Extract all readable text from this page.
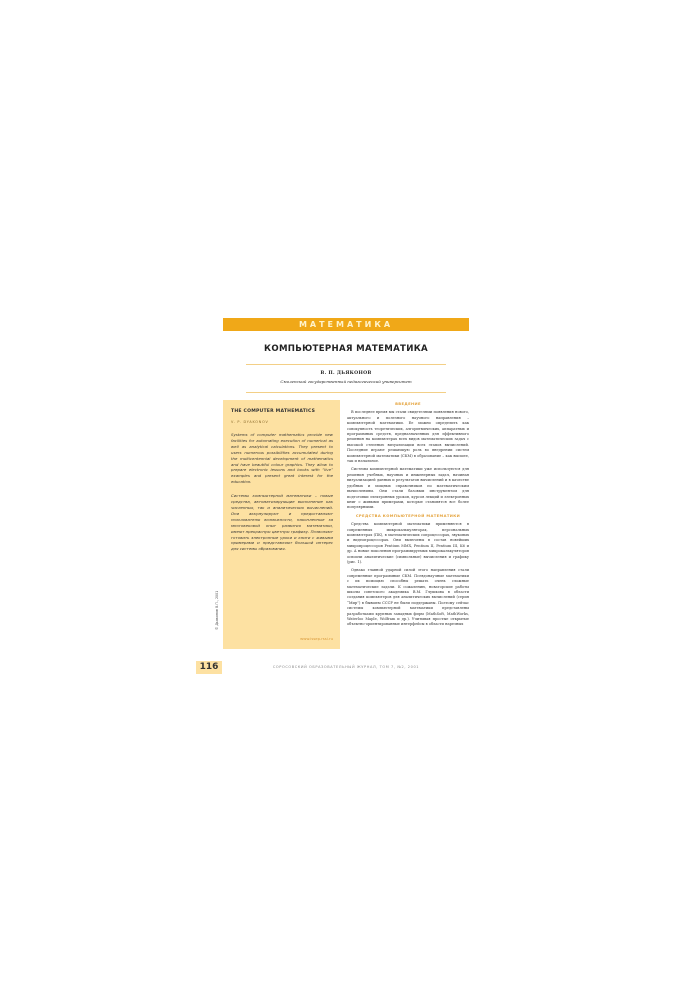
МАТЕМАТИКА
КОМПЬЮТЕРНАЯ МАТЕМАТИКА
В. П. ДЬЯКОНОВ
Смоленский государственный педагогический университет
THE COMPUTER MATHEMATICS
V. P. DYAKONOV

Systems of computer mathematics provide new facilities for automating execution of numerical as well as analytical calculations. They present to users numerous possibilities accumulated during the multicentennial development of mathematics and have beautiful colour graphics. They allow to prepare electronic lessons and books with “live” examples and present great interest for the education.

Системы компьютерной математики – новые средства, автоматизирующие выполнение как численных, так и аналитических вычислений. Они аккумулируют и предоставляют пользователю возможности, накопленные за многовековой опыт развития математики, имеют прекрасную цветную графику. Позволяют готовить электронные уроки и книги с живыми примерами и представляют большой интерес для системы образования.

www.issep.rssi.ru
© Дьяконов В.П., 2001
ВВЕДЕНИЕ

В последнее время мы стали свидетелями появления нового, актуального и полезного научного направления – компьютерной математики. Ее можно определить как совокупность теоретических, алгоритмических, аппаратных и программных средств, предназначенных для эффективного решения на компьютерах всех видов математических задач с высокой степенью визуализации всех этапов вычислений. Последние играют решающую роль во внедрении систем компьютерной математики (СКМ) в образование – как высшее, так и начальное.

Системы компьютерной математики уже используются для решения учебных, научных и инженерных задач, начиная визуализацией данных и результатов вычислений и в качестве удобных и мощных справочников по математическим вычислениям. Они стали базовым инструментом для подготовки электронных уроков, курсов лекций и электронных книг с живыми примерами, которые становятся все более популярными.

СРЕДСТВА КОМПЬЮТЕРНОЙ МАТЕМАТИКИ

Средства компьютерной математики применяются в современных микрокалькуляторах, персональных компьютерах (ПК), в математических сопроцессорах, звуковых и видеопроцессорах. Они включены в состав новейших микропроцессоров Pentium MMX, Pentium II, Pentium III, K6 и др. А новые поколения программируемых микрокалькуляторов освоили аналитические (символьные) вычисления и графику (рис. 1).

Однако главной ударной силой этого направления стали современные программные СКМ. Псевдонаучные математики с их помощью способны решать очень сложные математические задачи. К сожалению, новаторские работы школы советского академика В.М. Глушкова в области создания компьютеров для аналитических вычислений (серия “Мир”) в бывшем СССР не были поддержаны. Поэтому сейчас системы компьютерной математики представлены разработками крупных западных фирм (MathSoft, MathWorks, Waterloo Maple, Wolfram и др.). Учитывая простые открытые объектно-ориентированные интерфейсы в области нарезных

116	СОРОСОВСКИЙ ОБРАЗОВАТЕЛЬНЫЙ ЖУРНАЛ, ТОМ 7, №2, 2001
